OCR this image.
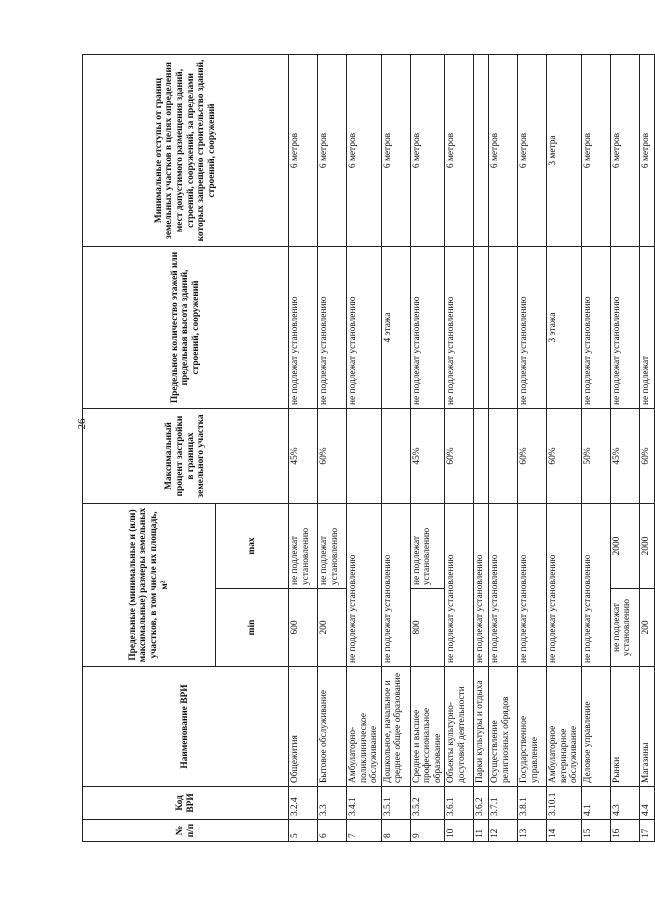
26
№ п/п	Код ВРИ	Наименование ВРИ	Предельные (минимальные и (или) максимальные) размеры земельных участков, в том числе их площадь, м²		Максимальный процент застройки в границах земельного участка	Предельное количество этажей или предельная высота зданий, строений, сооружений	Минимальные отступы от границ земельных участков в целях определения мест допустимого размещения зданий, строений, сооружений, за пределами которых запрещено строительство зданий, строений, сооружений
			min	max			
5	3.2.4	Общежития	600	не подлежат установлению	45%	не подлежат установлению	6 метров
6	3.3	Бытовое обслуживание	200	не подлежат установлению	60%	не подлежат установлению	6 метров
7	3.4.1	Амбулаторно-поликлиническое обслуживание	не подлежат установлению			не подлежат установлению	6 метров
8	3.5.1	Дошкольное, начальное и среднее общее образование	не подлежат установлению			4 этажа	6 метров
9	3.5.2	Среднее и высшее профессиональное образование	800	не подлежат установлению	45%	не подлежат установлению	6 метров
10	3.6.1	Объекты культурно-досуговой деятельности	не подлежат установлению		60%	не подлежат установлению	6 метров
11	3.6.2	Парки культуры и отдыха	не подлежат установлению				
12	3.7.1	Осуществление религиозных обрядов	не подлежат установлению				6 метров
13	3.8.1	Государственное управление	не подлежат установлению		60%	не подлежат установлению	6 метров
14	3.10.1	Амбулаторное ветеринарное обслуживание	не подлежат установлению		60%	3 этажа	3 метра
15	4.1	Деловое управление	не подлежат установлению		50%	не подлежат установлению	6 метров
16	4.3	Рынки	не подлежат установлению	2000	45%	не подлежат установлению	6 метров
17	4.4	Магазины	200	2000	60%	не подлежат	6 метров
